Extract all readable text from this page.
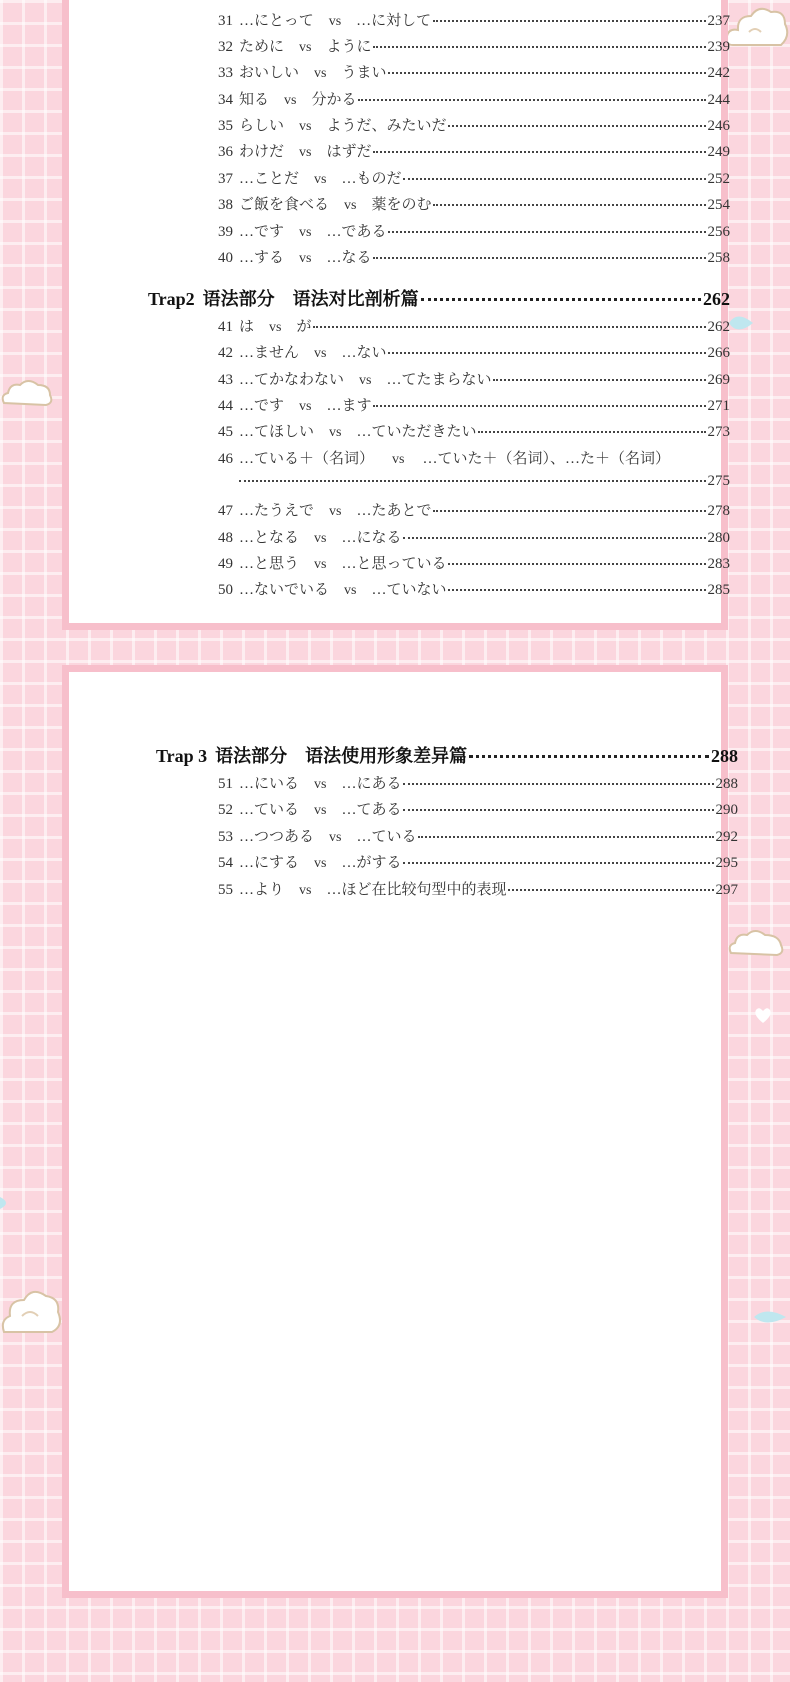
31 …にとって vs …に対して	237
32 ために vs ように	239
33 おいしい vs うまい	242
34 知る vs 分かる	244
35 らしい vs ようだ、みたいだ	246
36 わけだ vs はずだ	249
37 …ことだ vs …ものだ	252
38 ご飯を食べる vs 薬をのむ	254
39 …です vs …である	256
40 …する vs …なる	258
Trap2 语法部分　语法对比剖析篇	262
41 は vs が	262
42 …ません vs …ない	266
43 …てかなわない vs …てたまらない	269
44 …です vs …ます	271
45 …てほしい vs …ていただきたい	273
46 …ている＋（名词） vs …ていた＋（名词）、…た＋（名词）
275
47 …たうえで vs …たあとで	278
48 …となる vs …になる	280
49 …と思う vs …と思っている	283
50 …ないでいる vs …ていない	285
Trap 3 语法部分　语法使用形象差异篇	288
51 …にいる vs …にある	288
52 …ている vs …てある	290
53 …つつある vs …ている	292
54 …にする vs …がする	295
55 …より vs …ほど在比较句型中的表现	297
